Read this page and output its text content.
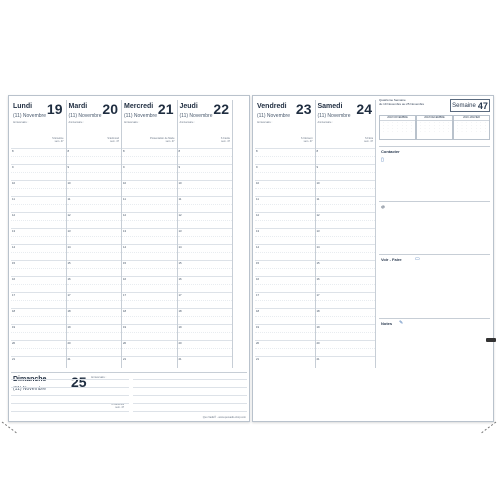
Lundi 19
(11) Novembre
Anniversaire :
S Emeline
sem. 47
8
9
10
11
12
13
14
15
16
17
18
19
20
21
Mardi 20
(11) Novembre
Anniversaire :
S Edmond
sem. 47
8
9
10
11
12
13
14
15
16
17
18
19
20
21
Mercredi 21
(11) Novembre
Anniversaire :
Présentation de Marie
sem. 47
8
9
10
11
12
13
14
15
16
17
18
19
20
21
Jeudi 22
(11) Novembre
Anniversaire :
S Cécile
sem. 47
8
9
10
11
12
13
14
15
16
17
18
19
20
21
Dimanche 25
(11) Novembre
Anniversaire :
S Catherine
sem. 47
Quo Vadis® - www.quovadis-shop.com
Vendredi 23
(11) Novembre
Anniversaire :
S Clément
sem. 47
8
9
10
11
12
13
14
15
16
17
18
19
20
21
Samedi 24
(11) Novembre
Anniversaire :
S Flora
sem. 47
8
9
10
11
12
13
14
15
16
17
18
19
20
21
Quatrième Semaine
du 19 Novembre au 25 Novembre	Semaine 47
2018 NOVEMBRE
·	·	·	·	·	·	·
·	·	·	·	·	·	·
·	·	·	·	·	·	·
·	·	·	·	·	·	·
2018 DECEMBRE
·	·	·	·	·	·	·
·	·	·	·	·	·	·
·	·	·	·	·	·	·
·	·	·	·	·	·	·
2019 JANVIER
·	·	·	·	·	·	·
·	·	·	·	·	·	·
·	·	·	·	·	·	·
·	·	·	·	·	·	·
Contacter
▯
@
Voir - Faire	▭
Notes ✎
